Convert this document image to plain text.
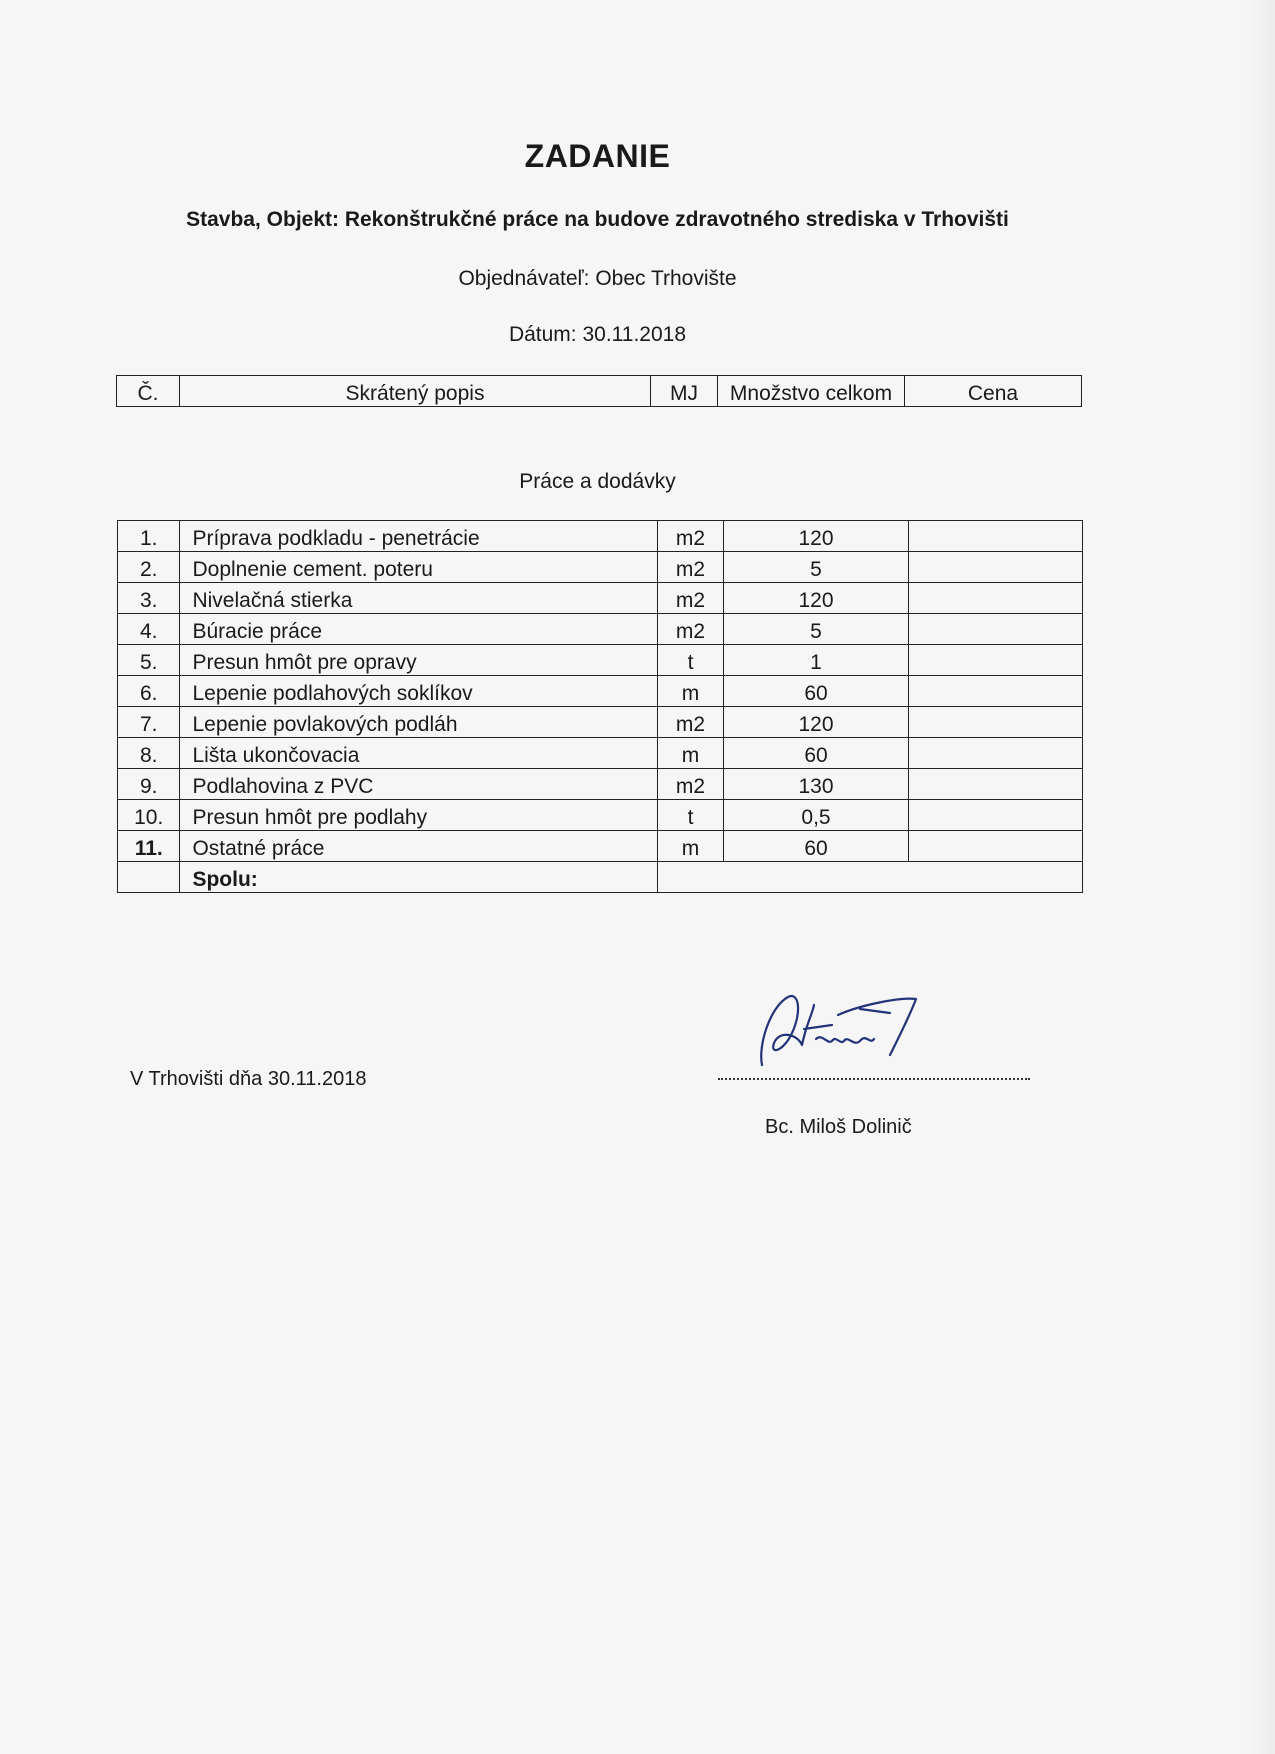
ZADANIE
Stavba, Objekt: Rekonštrukčné práce na budove zdravotného strediska v Trhovišti
Objednávateľ: Obec Trhovište
Dátum: 30.11.2018
Č.	Skrátený popis	MJ	Množstvo celkom	Cena
Práce a dodávky
1.	Príprava podkladu - penetrácie	m2	120	
2.	Doplnenie cement. poteru	m2	5	
3.	Nivelačná stierka	m2	120	
4.	Búracie práce	m2	5	
5.	Presun hmôt pre opravy	t	1	
6.	Lepenie podlahových soklíkov	m	60	
7.	Lepenie povlakových podláh	m2	120	
8.	Lišta ukončovacia	m	60	
9.	Podlahovina z PVC	m2	130	
10.	Presun hmôt pre podlahy	t	0,5	
11.	Ostatné práce	m	60	
	Spolu:			
V Trhovišti dňa 30.11.2018
Bc. Miloš Dolinič
